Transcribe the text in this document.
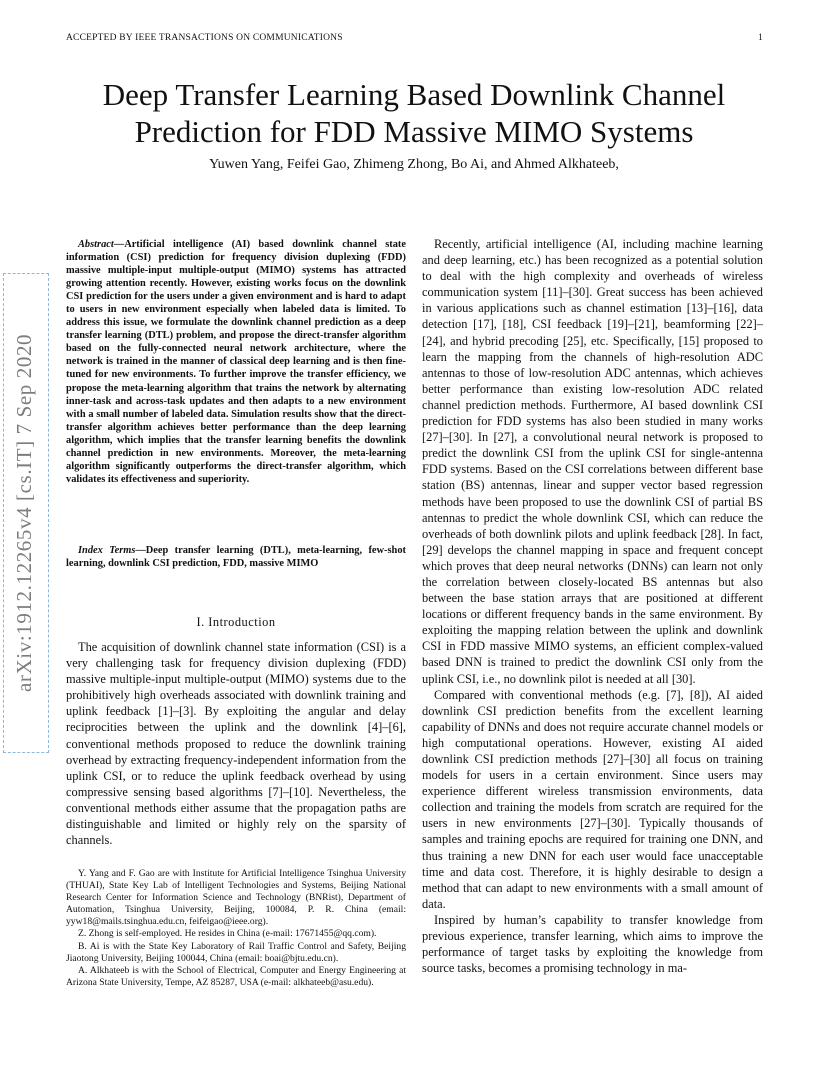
ACCEPTED BY IEEE TRANSACTIONS ON COMMUNICATIONS	1
Deep Transfer Learning Based Downlink Channel
Prediction for FDD Massive MIMO Systems
Yuwen Yang, Feifei Gao, Zhimeng Zhong, Bo Ai, and Ahmed Alkhateeb,
arXiv:1912.12265v4 [cs.IT] 7 Sep 2020

Abstract—Artificial intelligence (AI) based downlink channel state information (CSI) prediction for frequency division duplexing (FDD) massive multiple-input multiple-output (MIMO) systems has attracted growing attention recently. However, existing works focus on the downlink CSI prediction for the users under a given environment and is hard to adapt to users in new environment especially when labeled data is limited. To address this issue, we formulate the downlink channel prediction as a deep transfer learning (DTL) problem, and propose the direct-transfer algorithm based on the fully-connected neural network architecture, where the network is trained in the manner of classical deep learning and is then fine-tuned for new environments. To further improve the transfer efficiency, we propose the meta-learning algorithm that trains the network by alternating inner-task and across-task updates and then adapts to a new environment with a small number of labeled data. Simulation results show that the direct-transfer algorithm achieves better performance than the deep learning algorithm, which implies that the transfer learning benefits the downlink channel prediction in new environments. Moreover, the meta-learning algorithm significantly outperforms the direct-transfer algorithm, which validates its effectiveness and superiority.

Index Terms—Deep transfer learning (DTL), meta-learning, few-shot learning, downlink CSI prediction, FDD, massive MIMO

I. Introduction

The acquisition of downlink channel state information (CSI) is a very challenging task for frequency division duplexing (FDD) massive multiple-input multiple-output (MIMO) systems due to the prohibitively high overheads associated with downlink training and uplink feedback [1]–[3]. By exploiting the angular and delay reciprocities between the uplink and the downlink [4]–[6], conventional methods proposed to reduce the downlink training overhead by extracting frequency-independent information from the uplink CSI, or to reduce the uplink feedback overhead by using compressive sensing based algorithms [7]–[10]. Nevertheless, the conventional methods either assume that the propagation paths are distinguishable and limited or highly rely on the sparsity of channels.

Y. Yang and F. Gao are with Institute for Artificial Intelligence Tsinghua University (THUAI), State Key Lab of Intelligent Technologies and Systems, Beijing National Research Center for Information Science and Technology (BNRist), Department of Automation, Tsinghua University, Beijing, 100084, P. R. China (email: yyw18@mails.tsinghua.edu.cn, feifeigao@ieee.org).

Z. Zhong is self-employed. He resides in China (e-mail: 17671455@qq.com).

B. Ai is with the State Key Laboratory of Rail Traffic Control and Safety, Beijing Jiaotong University, Beijing 100044, China (email: boai@bjtu.edu.cn).

A. Alkhateeb is with the School of Electrical, Computer and Energy Engineering at Arizona State University, Tempe, AZ 85287, USA (e-mail: alkhateeb@asu.edu).

Recently, artificial intelligence (AI, including machine learning and deep learning, etc.) has been recognized as a potential solution to deal with the high complexity and overheads of wireless communication system [11]–[30]. Great success has been achieved in various applications such as channel estimation [13]–[16], data detection [17], [18], CSI feedback [19]–[21], beamforming [22]–[24], and hybrid precoding [25], etc. Specifically, [15] proposed to learn the mapping from the channels of high-resolution ADC antennas to those of low-resolution ADC antennas, which achieves better performance than existing low-resolution ADC related channel prediction methods. Furthermore, AI based downlink CSI prediction for FDD systems has also been studied in many works [27]–[30]. In [27], a convolutional neural network is proposed to predict the downlink CSI from the uplink CSI for single-antenna FDD systems. Based on the CSI correlations between different base station (BS) antennas, linear and supper vector based regression methods have been proposed to use the downlink CSI of partial BS antennas to predict the whole downlink CSI, which can reduce the overheads of both downlink pilots and uplink feedback [28]. In fact, [29] develops the channel mapping in space and frequent concept which proves that deep neural networks (DNNs) can learn not only the correlation between closely-located BS antennas but also between the base station arrays that are positioned at different locations or different frequency bands in the same environment. By exploiting the mapping relation between the uplink and downlink CSI in FDD massive MIMO systems, an efficient complex-valued based DNN is trained to predict the downlink CSI only from the uplink CSI, i.e., no downlink pilot is needed at all [30].

Compared with conventional methods (e.g. [7], [8]), AI aided downlink CSI prediction benefits from the excellent learning capability of DNNs and does not require accurate channel models or high computational operations. However, existing AI aided downlink CSI prediction methods [27]–[30] all focus on training models for users in a certain environment. Since users may experience different wireless transmission environments, data collection and training the models from scratch are required for the users in new environments [27]–[30]. Typically thousands of samples and training epochs are required for training one DNN, and thus training a new DNN for each user would face unacceptable time and data cost. Therefore, it is highly desirable to design a method that can adapt to new environments with a small amount of data.

Inspired by human’s capability to transfer knowledge from previous experience, transfer learning, which aims to improve the performance of target tasks by exploiting the knowledge from source tasks, becomes a promising technology in ma-
